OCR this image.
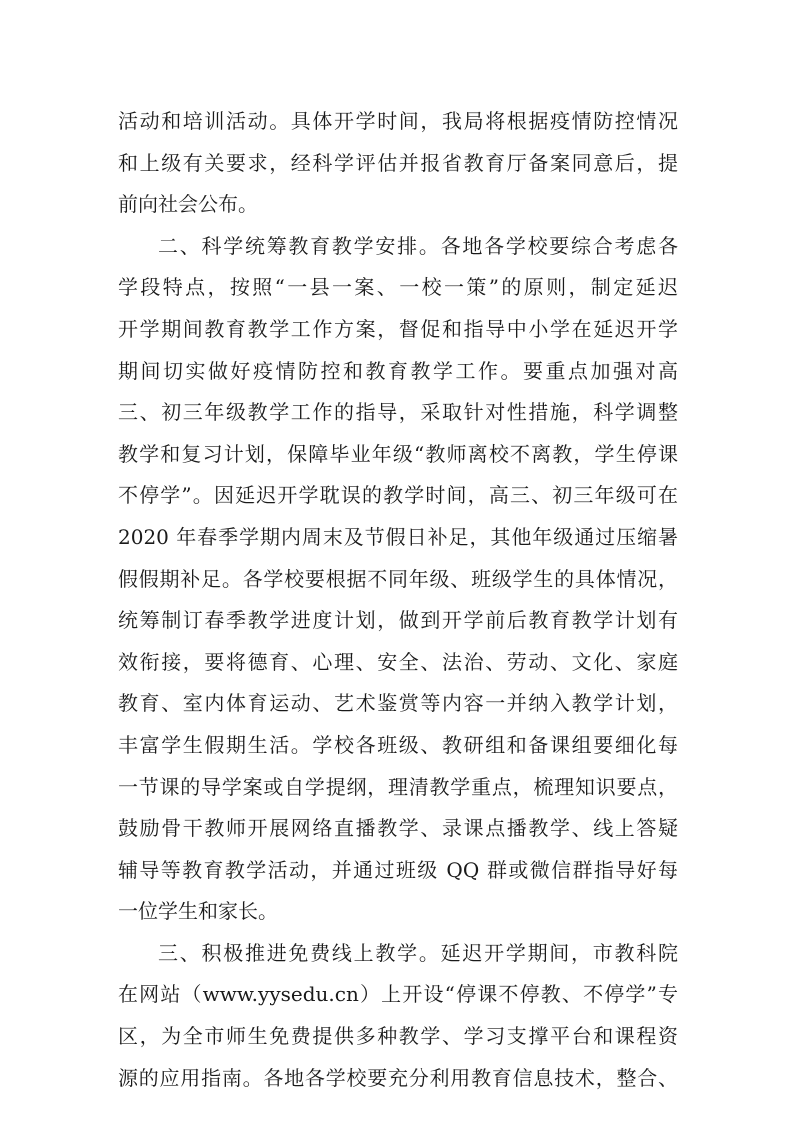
活动和培训活动。具体开学时间，我局将根据疫情防控情况
和上级有关要求，经科学评估并报省教育厅备案同意后，提
前向社会公布。

二、科学统筹教育教学安排。各地各学校要综合考虑各
学段特点，按照“一县一案、一校一策”的原则，制定延迟
开学期间教育教学工作方案，督促和指导中小学在延迟开学
期间切实做好疫情防控和教育教学工作。要重点加强对高
三、初三年级教学工作的指导，采取针对性措施，科学调整
教学和复习计划，保障毕业年级“教师离校不离教，学生停课
不停学”。因延迟开学耽误的教学时间，高三、初三年级可在
2020 年春季学期内周末及节假日补足，其他年级通过压缩暑
假假期补足。各学校要根据不同年级、班级学生的具体情况，
统筹制订春季教学进度计划，做到开学前后教育教学计划有
效衔接，要将德育、心理、安全、法治、劳动、文化、家庭
教育、室内体育运动、艺术鉴赏等内容一并纳入教学计划，
丰富学生假期生活。学校各班级、教研组和备课组要细化每
一节课的导学案或自学提纲，理清教学重点，梳理知识要点，
鼓励骨干教师开展网络直播教学、录课点播教学、线上答疑
辅导等教育教学活动，并通过班级 QQ 群或微信群指导好每
一位学生和家长。

三、积极推进免费线上教学。延迟开学期间，市教科院
在网站（www.yysedu.cn）上开设“停课不停教、不停学”专
区，为全市师生免费提供多种教学、学习支撑平台和课程资
源的应用指南。各地各学校要充分利用教育信息技术，整合、
